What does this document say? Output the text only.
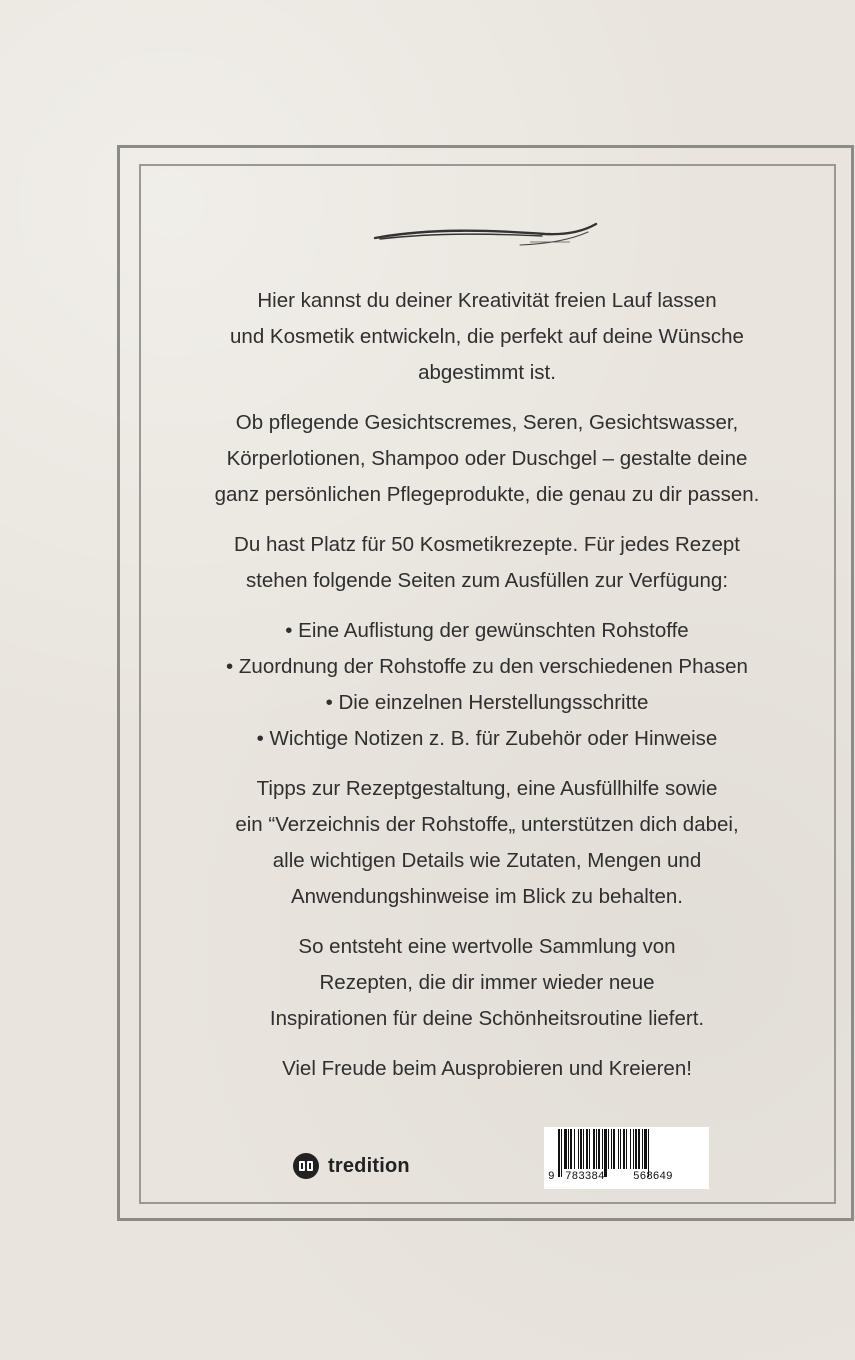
Hier kannst du deiner Kreativität freien Lauf lassen
und Kosmetik entwickeln, die perfekt auf deine Wünsche
abgestimmt ist.

Ob pflegende Gesichtscremes, Seren, Gesichtswasser,
Körperlotionen, Shampoo oder Duschgel – gestalte deine
ganz persönlichen Pflegeprodukte, die genau zu dir passen.

Du hast Platz für 50 Kosmetikrezepte. Für jedes Rezept
stehen folgende Seiten zum Ausfüllen zur Verfügung:

• Eine Auflistung der gewünschten Rohstoffe
• Zuordnung der Rohstoffe zu den verschiedenen Phasen
• Die einzelnen Herstellungsschritte
• Wichtige Notizen z. B. für Zubehör oder Hinweise

Tipps zur Rezeptgestaltung, eine Ausfüllhilfe sowie
ein “Verzeichnis der Rohstoffe„ unterstützen dich dabei,
alle wichtigen Details wie Zutaten, Mengen und
Anwendungshinweise im Blick zu behalten.

So entsteht eine wertvolle Sammlung von
Rezepten, die dir immer wieder neue
Inspirationen für deine Schönheitsroutine liefert.

Viel Freude beim Ausprobieren und Kreieren!

tredition
9 783384	568649
